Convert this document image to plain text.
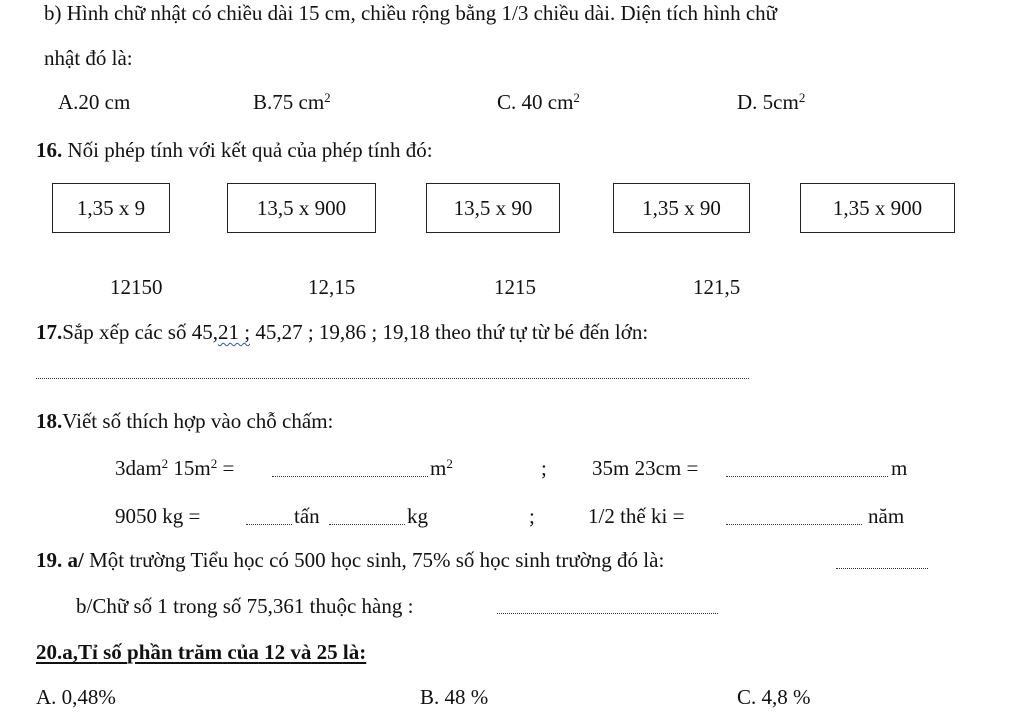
b) Hình chữ nhật có chiều dài 15 cm, chiều rộng bằng 1/3 chiều dài. Diện tích hình chữ
nhật đó là:
A.20 cm	B.75 $cm^2$	C. 40 $cm^2$	D. $5cm^2$
16. Nối phép tính với kết quả của phép tính đó:
1,35 x 9	13,5 x 900	13,5 x 90	1,35 x 90	1,35 x 900
12150	12,15	1215	121,5
17.Sắp xếp các số 45,21 ; 45,27 ; 19,86 ; 19,18 theo thứ tự từ bé đến lớn:
18.Viết số thích hợp vào chỗ chấm:
3dam$^2$ $15m^2$ =	$m^2$	; 35m 23cm =	m
9050 kg =	tấn	kg	;	1/2 thế ki =	năm
19. a/ Một trường Tiểu học có 500 học sinh, 75% số học sinh trường đó là:
b/Chữ số 1 trong số 75,361 thuộc hàng :
20.a,Tỉ số phần trăm của 12 và 25 là:
A. 0,48%	B. 48 %	C. 4,8 %
